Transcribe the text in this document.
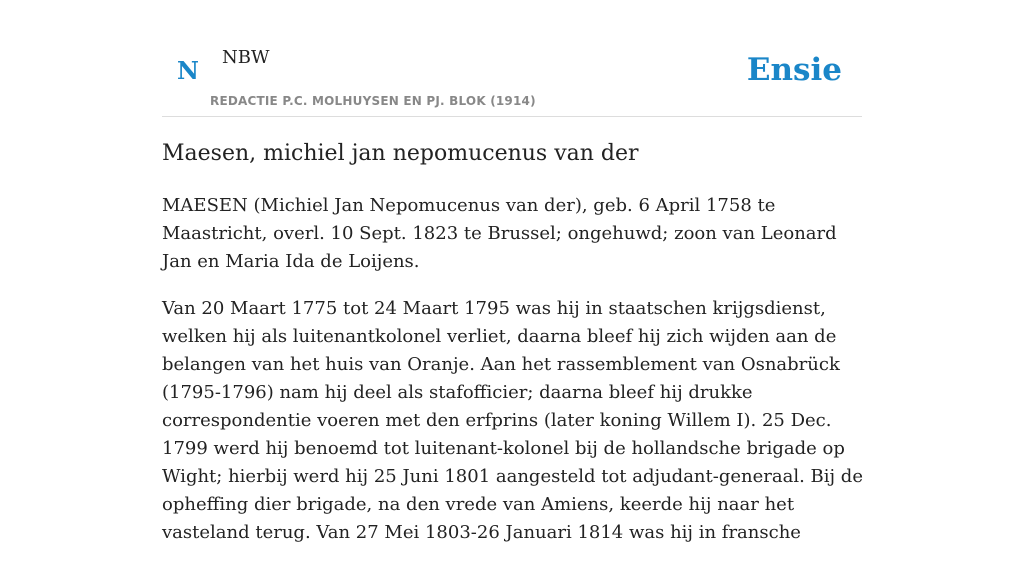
N NBW
REDACTIE P.C. MOLHUYSEN EN PJ. BLOK (1914)
Ensie
Maesen, michiel jan nepomucenus van der

MAESEN (Michiel Jan Nepomucenus van der), geb. 6 April 1758 te Maastricht, overl. 10 Sept. 1823 te Brussel; ongehuwd; zoon van Leonard Jan en Maria Ida de Loijens.

Van 20 Maart 1775 tot 24 Maart 1795 was hij in staatschen krijgsdienst, welken hij als luitenantkolonel verliet, daarna bleef hij zich wijden aan de belangen van het huis van Oranje. Aan het rassemblement van Osnabrück (1795-1796) nam hij deel als stafofficier; daarna bleef hij drukke correspondentie voeren met den erfprins (later koning Willem I). 25 Dec. 1799 werd hij benoemd tot luitenant-kolonel bij de hollandsche brigade op Wight; hierbij werd hij 25 Juni 1801 aangesteld tot adjudant-generaal. Bij de opheffing dier brigade, na den vrede van Amiens, keerde hij naar het vasteland terug. Van 27 Mei 1803-26 Januari 1814 was hij in fransche
